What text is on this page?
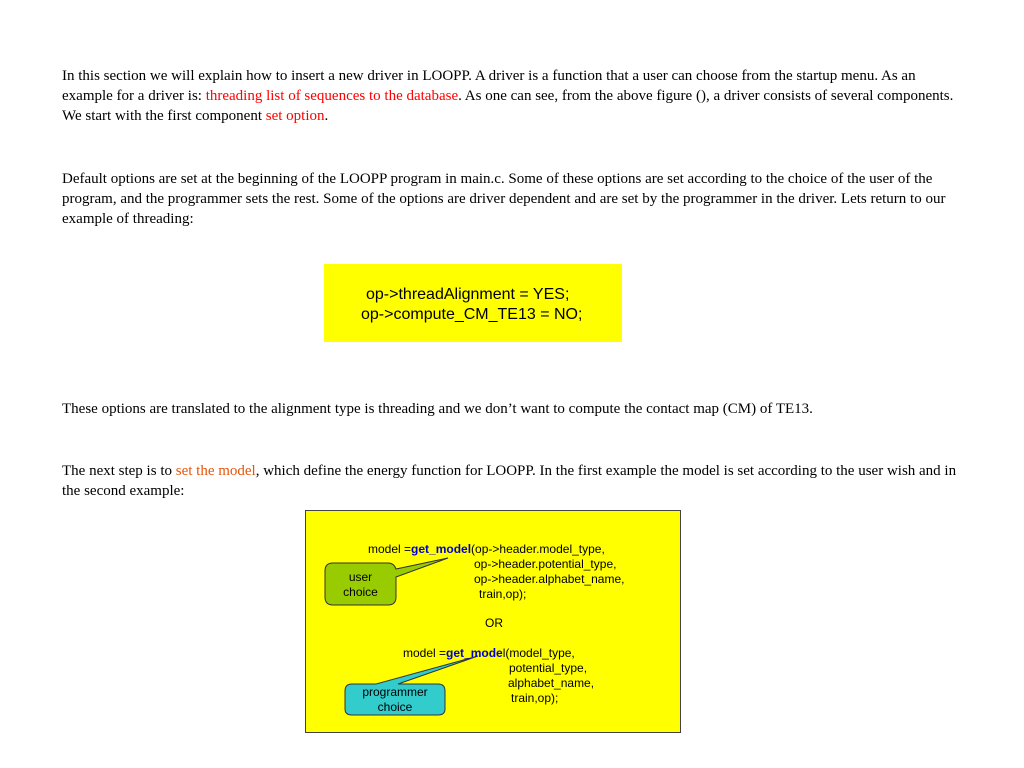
In this section we will explain how to insert a new driver in LOOPP. A driver is a function that a user can choose from the startup menu. As an example for a driver is: threading list of sequences to the database. As one can see, from the above figure (), a driver consists of several components. We start with the first component set option.

Default options are set at the beginning of the LOOPP program in main.c. Some of these options are set according to the choice of the user of the program, and the programmer sets the rest. Some of the options are driver dependent and are set by the programmer in the driver. Lets return to our example of threading:

op->threadAlignment = YES;
op->compute_CM_TE13 = NO;

These options are translated to the alignment type is threading and we don’t want to compute the contact map (CM) of TE13.

The next step is to set the model, which define the energy function for LOOPP. In the first example the model is set according to the user wish and in the second example:

model =get_model(op->header.model_type,
op->header.potential_type,
op->header.alphabet_name,
train,op);
OR
model =get_model(model_type,
potential_type,
alphabet_name,
train,op);
user
choice
programmer
choice
